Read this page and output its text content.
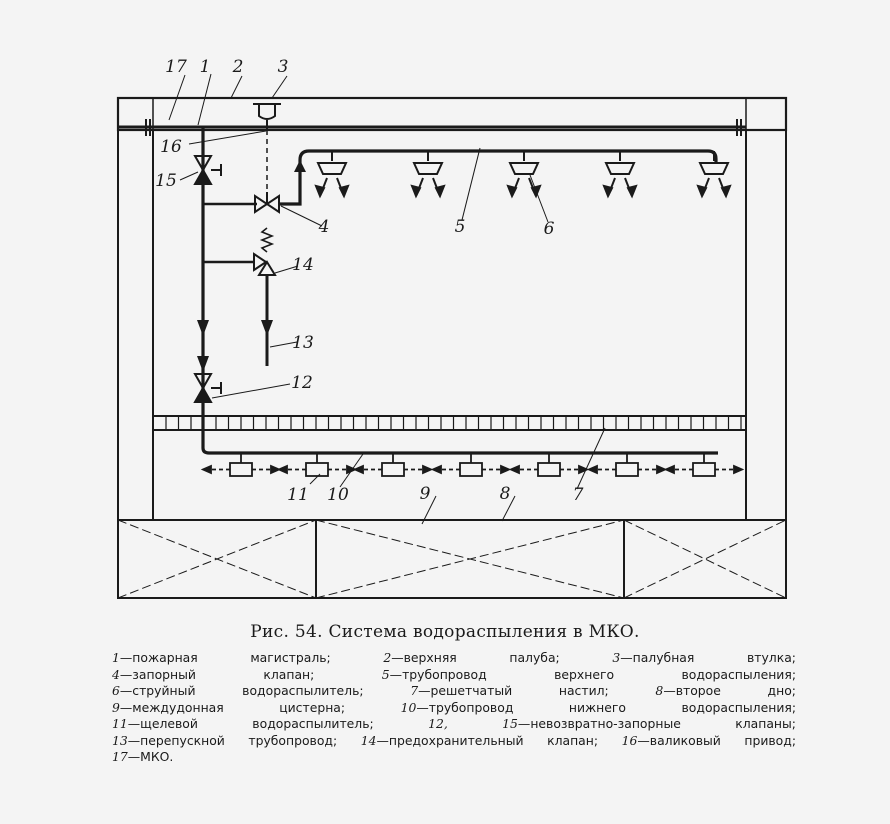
17 1 2 3
16
15
4	5	6
14
13
12
11 10	9	8	7
Рис. 54. Система водораспыления в МКО.
1—пожарная магистраль;	2—верхняя палуба;	3—палубная втулка;
4—запорный клапан;	5—трубопровод верхнего водораспыления;
6—струйный водораспылитель;	7—решетчатый настил;	8—второе дно;
9—междудонная цистерна;	10—трубопровод нижнего водораспыления;
11—щелевой водораспылитель;	12, 15—невозвратно-запорные клапаны;
13—перепускной трубопровод; 14—предохранительный клапан; 16—валиковый привод;
17—МКО.
